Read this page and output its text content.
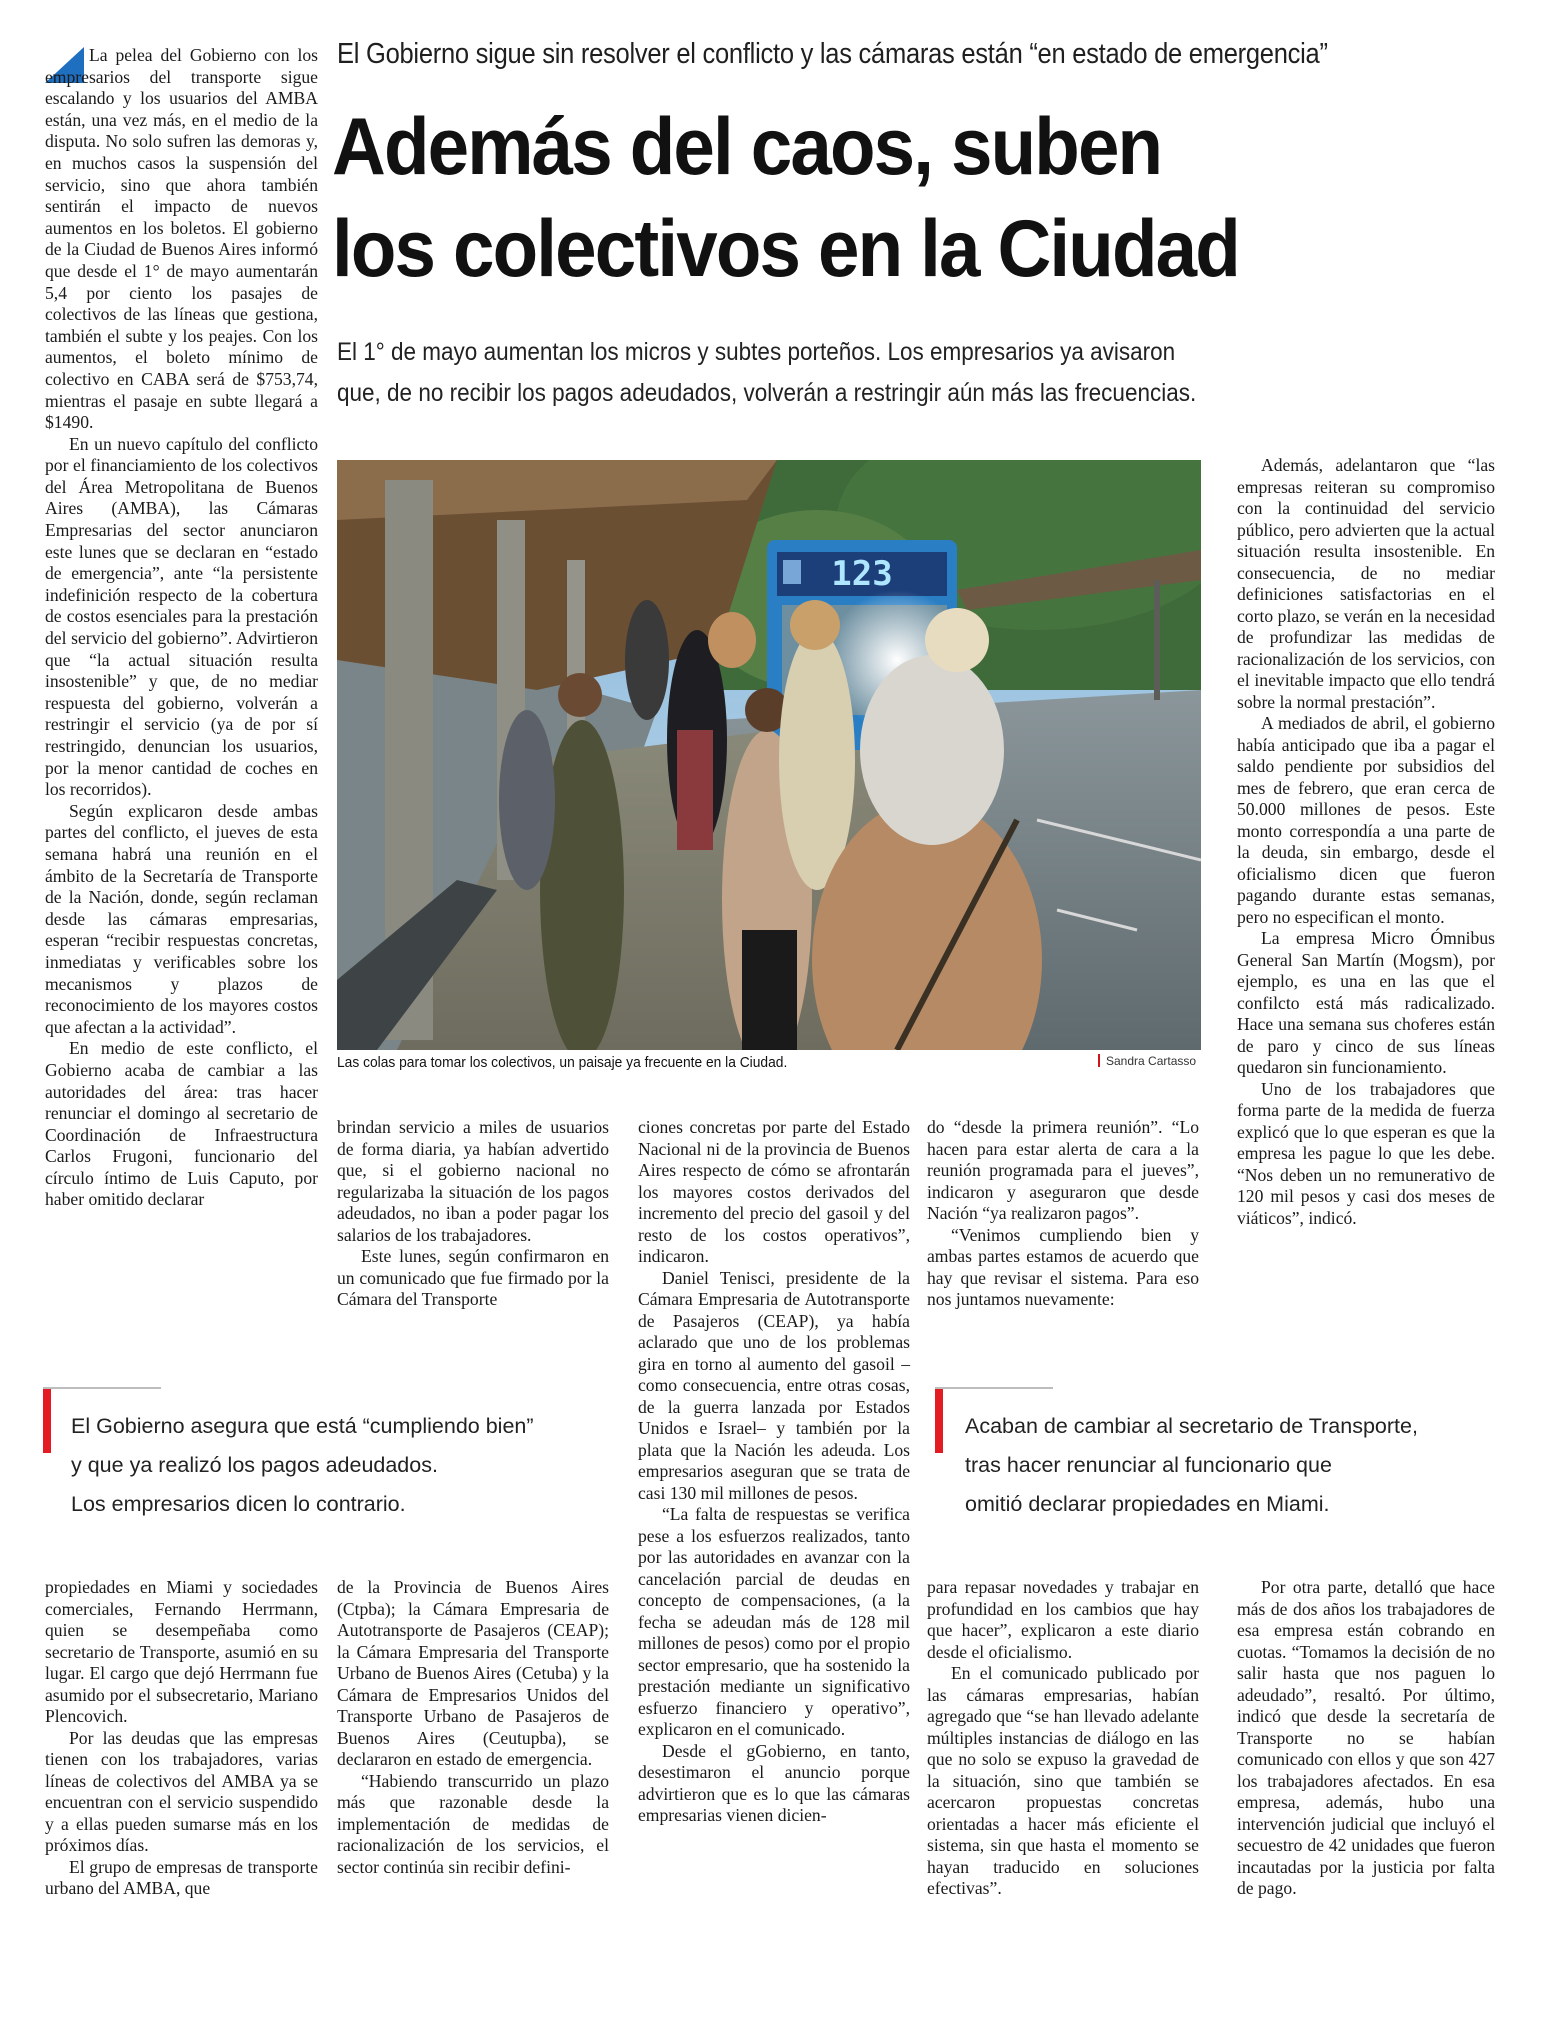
El Gobierno sigue sin resolver el conflicto y las cámaras están “en estado de emergencia”
Además del caos, suben
los colectivos en la Ciudad
El 1° de mayo aumentan los micros y subtes porteños. Los empresarios ya avisaron
que, de no recibir los pagos adeudados, volverán a restringir aún más las frecuencias.

La pelea del Gobierno con los empresarios del transporte sigue escalando y los usuarios del AMBA están, una vez más, en el medio de la disputa. No solo sufren las demoras y, en muchos casos la suspensión del servicio, sino que ahora también sentirán el impacto de nuevos aumentos en los boletos. El gobierno de la Ciudad de Buenos Aires informó que desde el 1° de mayo aumentarán 5,4 por ciento los pasajes de colectivos de las líneas que gestiona, también el subte y los peajes. Con los aumentos, el boleto mínimo de colectivo en CABA será de $753,74, mientras el pasaje en subte llegará a $1490.

En un nuevo capítulo del conflicto por el financiamiento de los colectivos del Área Metropolitana de Buenos Aires (AMBA), las Cámaras Empresarias del sector anunciaron este lunes que se declaran en “estado de emergencia”, ante “la persistente indefinición respecto de la cobertura de costos esenciales para la prestación del servicio del gobierno”. Advirtieron que “la actual situación resulta insostenible” y que, de no mediar respuesta del gobierno, volverán a restringir el servicio (ya de por sí restringido, denuncian los usuarios, por la menor cantidad de coches en los recorridos).

Según explicaron desde ambas partes del conflicto, el jueves de esta semana habrá una reunión en el ámbito de la Secretaría de Transporte de la Nación, donde, según reclaman desde las cámaras empresarias, esperan “recibir respuestas concretas, inmediatas y verificables sobre los mecanismos y plazos de reconocimiento de los mayores costos que afectan a la actividad”.

En medio de este conflicto, el Gobierno acaba de cambiar a las autoridades del área: tras hacer renunciar el domingo al secretario de Coordinación de Infraestructura Carlos Frugoni, funcionario del círculo íntimo de Luis Caputo, por haber omitido declarar

123
Las colas para tomar los colectivos, un paisaje ya frecuente en la Ciudad.	Sandra Cartasso

Además, adelantaron que “las empresas reiteran su compromiso con la continuidad del servicio público, pero advierten que la actual situación resulta insostenible. En consecuencia, de no mediar definiciones satisfactorias en el corto plazo, se verán en la necesidad de profundizar las medidas de racionalización de los servicios, con el inevitable impacto que ello tendrá sobre la normal prestación”.

A mediados de abril, el gobierno había anticipado que iba a pagar el saldo pendiente por subsidios del mes de febrero, que eran cerca de 50.000 millones de pesos. Este monto correspondía a una parte de la deuda, sin embargo, desde el oficialismo dicen que fueron pagando durante estas semanas, pero no especifican el monto.

La empresa Micro Ómnibus General San Martín (Mogsm), por ejemplo, es una en las que el confilcto está más radicalizado. Hace una semana sus choferes están de paro y cinco de sus líneas quedaron sin funcionamiento.

Uno de los trabajadores que forma parte de la medida de fuerza explicó que lo que esperan es que la empresa les pague lo que les debe. “Nos deben un no remunerativo de 120 mil pesos y casi dos meses de viáticos”, indicó.

brindan servicio a miles de usuarios de forma diaria, ya habían advertido que, si el gobierno nacional no regularizaba la situación de los pagos adeudados, no iban a poder pagar los salarios de los trabajadores.

Este lunes, según confirmaron en un comunicado que fue firmado por la Cámara del Transporte

ciones concretas por parte del Estado Nacional ni de la provincia de Buenos Aires respecto de cómo se afrontarán los mayores costos derivados del incremento del precio del gasoil y del resto de los costos operativos”, indicaron.

Daniel Tenisci, presidente de la Cámara Empresaria de Autotransporte de Pasajeros (CEAP), ya había aclarado que uno de los problemas gira en torno al aumento del gasoil –como consecuencia, entre otras cosas, de la guerra lanzada por Estados Unidos e Israel– y también por la plata que la Nación les adeuda. Los empresarios aseguran que se trata de casi 130 mil millones de pesos.

“La falta de respuestas se verifica pese a los esfuerzos realizados, tanto por las autoridades en avanzar con la cancelación parcial de deudas en concepto de compensaciones, (a la fecha se adeudan más de 128 mil millones de pesos) como por el propio sector empresario, que ha sostenido la prestación mediante un significativo esfuerzo financiero y operativo”, explicaron en el comunicado.

Desde el gGobierno, en tanto, desestimaron el anuncio porque advirtieron que es lo que las cámaras empresarias vienen dicien-

do “desde la primera reunión”. “Lo hacen para estar alerta de cara a la reunión programada para el jueves”, indicaron y aseguraron que desde Nación “ya realizaron pagos”.

“Venimos cumpliendo bien y ambas partes estamos de acuerdo que hay que revisar el sistema. Para eso nos juntamos nuevamente:

El Gobierno asegura que está “cumpliendo bien”
y que ya realizó los pagos adeudados.
Los empresarios dicen lo contrario.
Acaban de cambiar al secretario de Transporte,
tras hacer renunciar al funcionario que
omitió declarar propiedades en Miami.

propiedades en Miami y sociedades comerciales, Fernando Herrmann, quien se desempeñaba como secretario de Transporte, asumió en su lugar. El cargo que dejó Herrmann fue asumido por el subsecretario, Mariano Plencovich.

Por las deudas que las empresas tienen con los trabajadores, varias líneas de colectivos del AMBA ya se encuentran con el servicio suspendido y a ellas pueden sumarse más en los próximos días.

El grupo de empresas de transporte urbano del AMBA, que

de la Provincia de Buenos Aires (Ctpba); la Cámara Empresaria de Autotransporte de Pasajeros (CEAP); la Cámara Empresaria del Transporte Urbano de Buenos Aires (Cetuba) y la Cámara de Empresarios Unidos del Transporte Urbano de Pasajeros de Buenos Aires (Ceutupba), se declararon en estado de emergencia.

“Habiendo transcurrido un plazo más que razonable desde la implementación de medidas de racionalización de los servicios, el sector continúa sin recibir defini-

para repasar novedades y trabajar en profundidad en los cambios que hay que hacer”, explicaron a este diario desde el oficialismo.

En el comunicado publicado por las cámaras empresarias, habían agregado que “se han llevado adelante múltiples instancias de diálogo en las que no solo se expuso la gravedad de la situación, sino que también se acercaron propuestas concretas orientadas a hacer más eficiente el sistema, sin que hasta el momento se hayan traducido en soluciones efectivas”.

Por otra parte, detalló que hace más de dos años los trabajadores de esa empresa están cobrando en cuotas. “Tomamos la decisión de no salir hasta que nos paguen lo adeudado”, resaltó. Por último, indicó que desde la secretaría de Transporte no se habían comunicado con ellos y que son 427 los trabajadores afectados. En esa empresa, además, hubo una intervención judicial que incluyó el secuestro de 42 unidades que fueron incautadas por la justicia por falta de pago.
